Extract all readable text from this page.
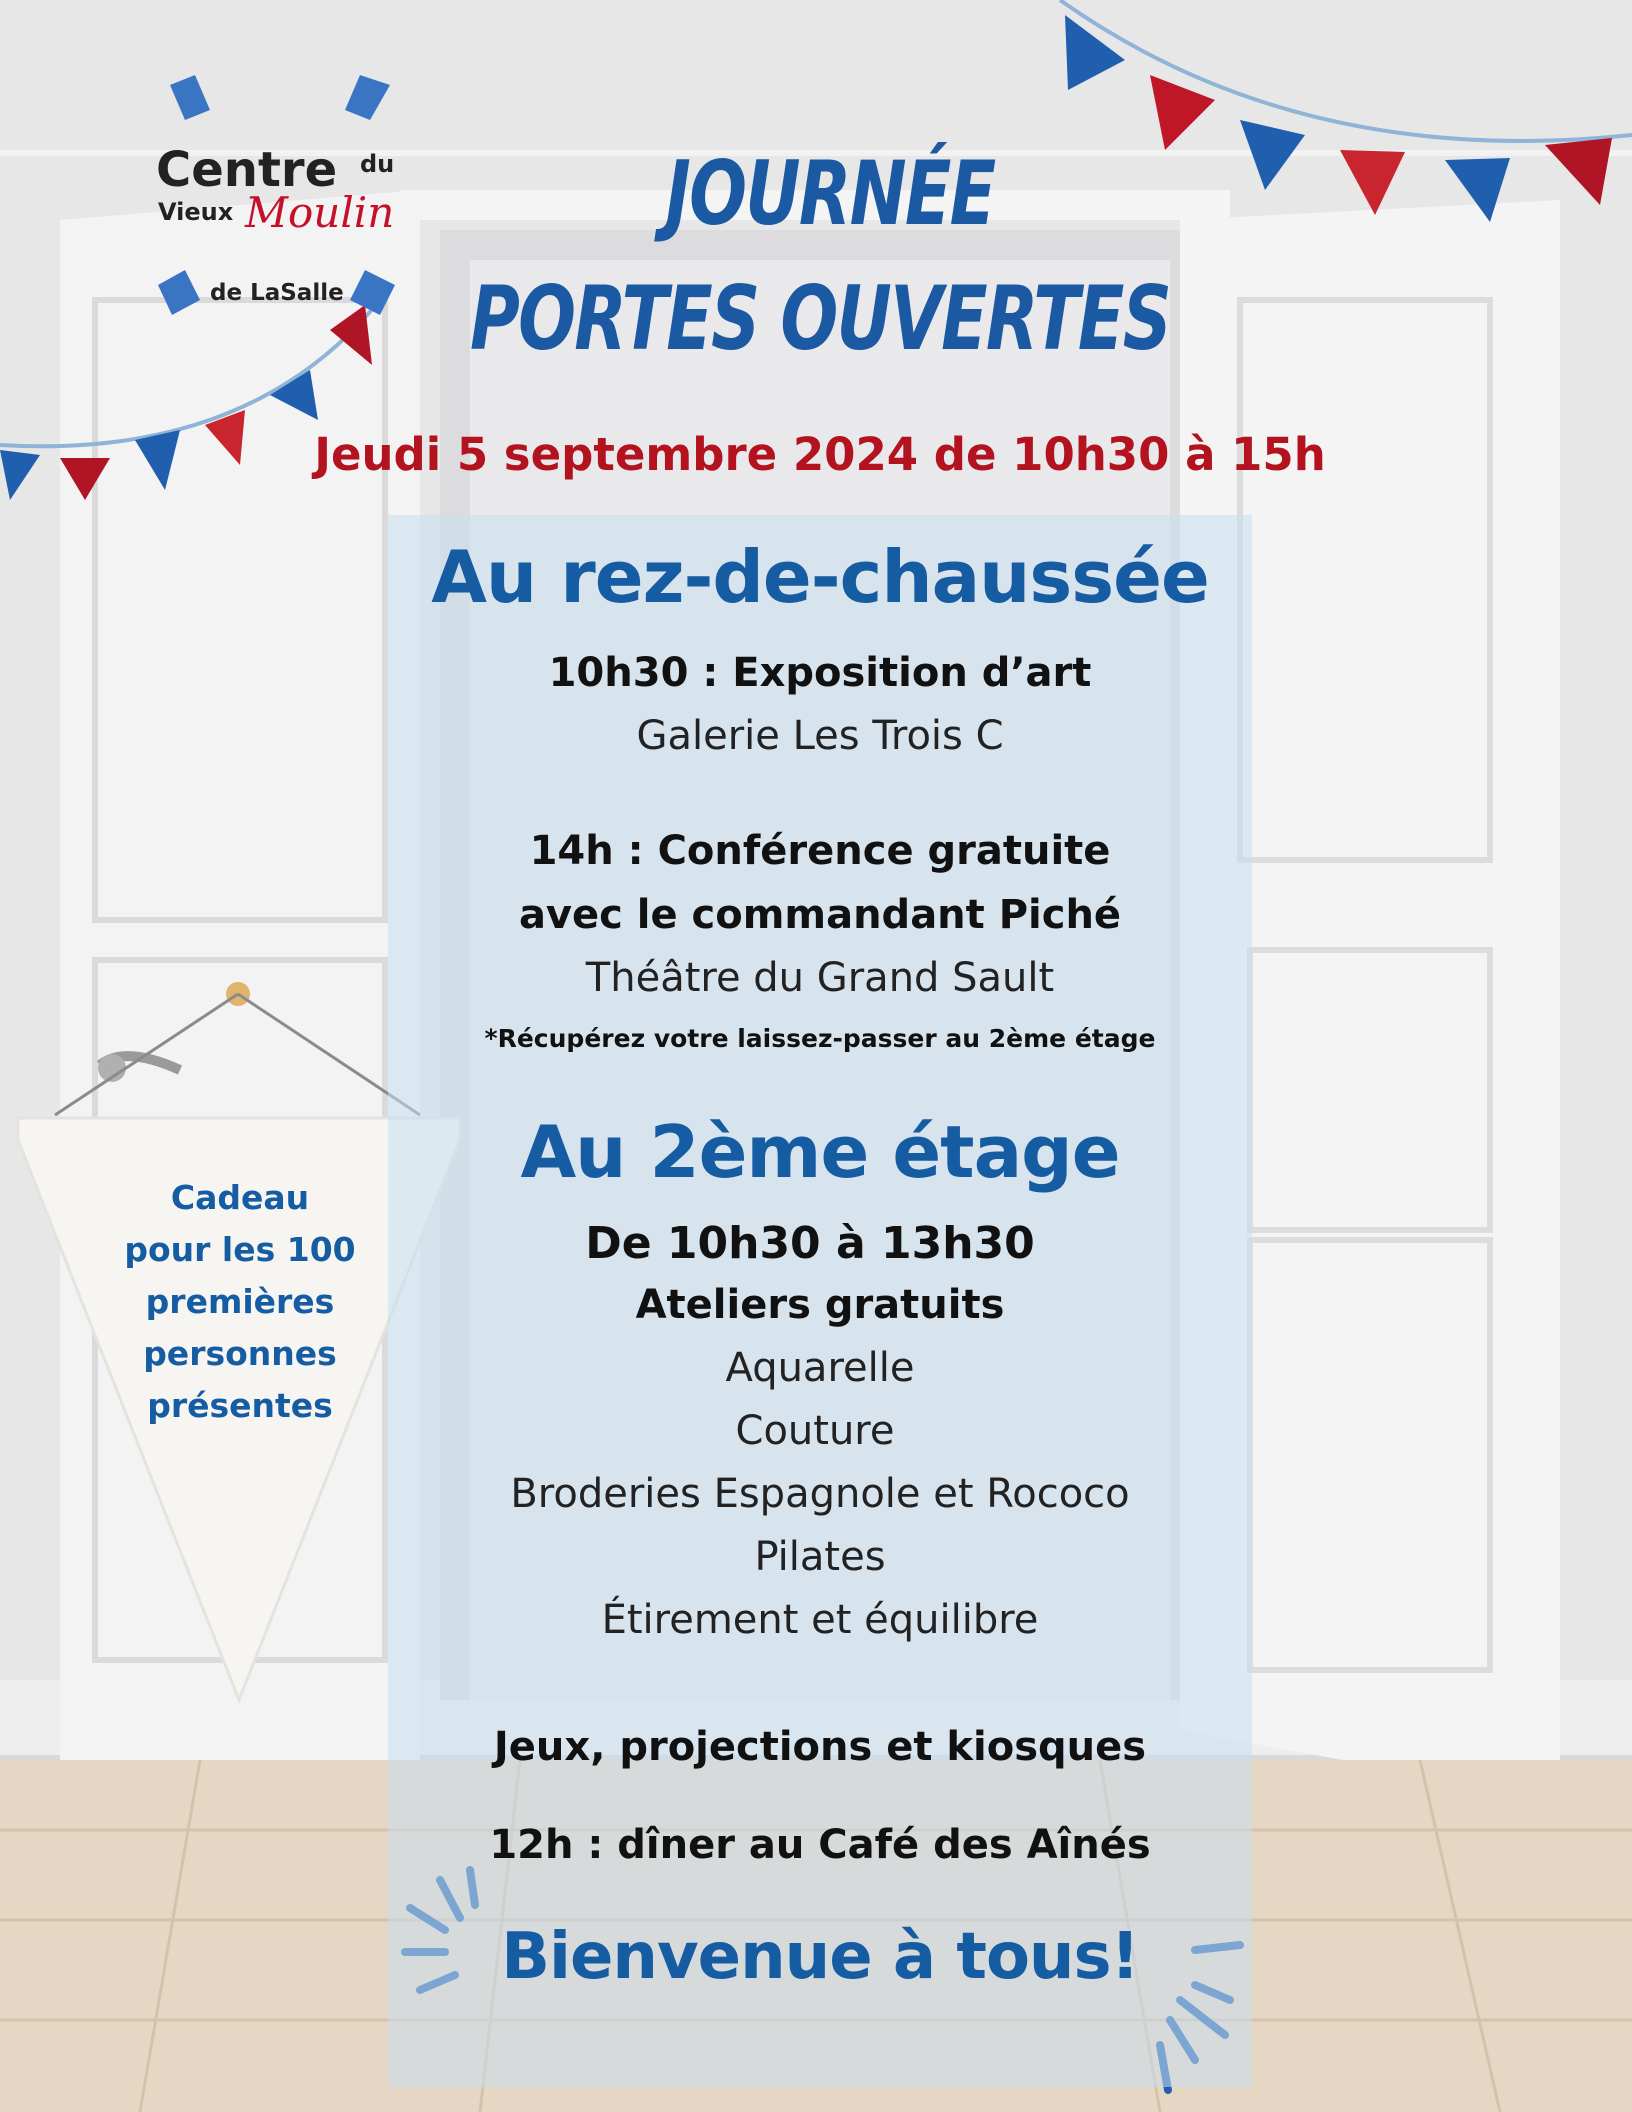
Centre du
Vieux Moulin
de LaSalle
JOURNÉE
PORTES OUVERTES
Jeudi 5 septembre 2024 de 10h30 à 15h
Au rez-de-chaussée
10h30 : Exposition d’art
Galerie Les Trois C
14h : Conférence gratuite
avec le commandant Piché
Théâtre du Grand Sault
*Récupérez votre laissez-passer au 2ème étage
Au 2ème étage
De 10h30 à 13h30
Ateliers gratuits
Aquarelle
Couture
Broderies Espagnole et Rococo
Pilates
Étirement et équilibre
Jeux, projections et kiosques
12h : dîner au Café des Aînés
Bienvenue à tous!
Cadeau
pour les 100
premières
personnes
présentes
